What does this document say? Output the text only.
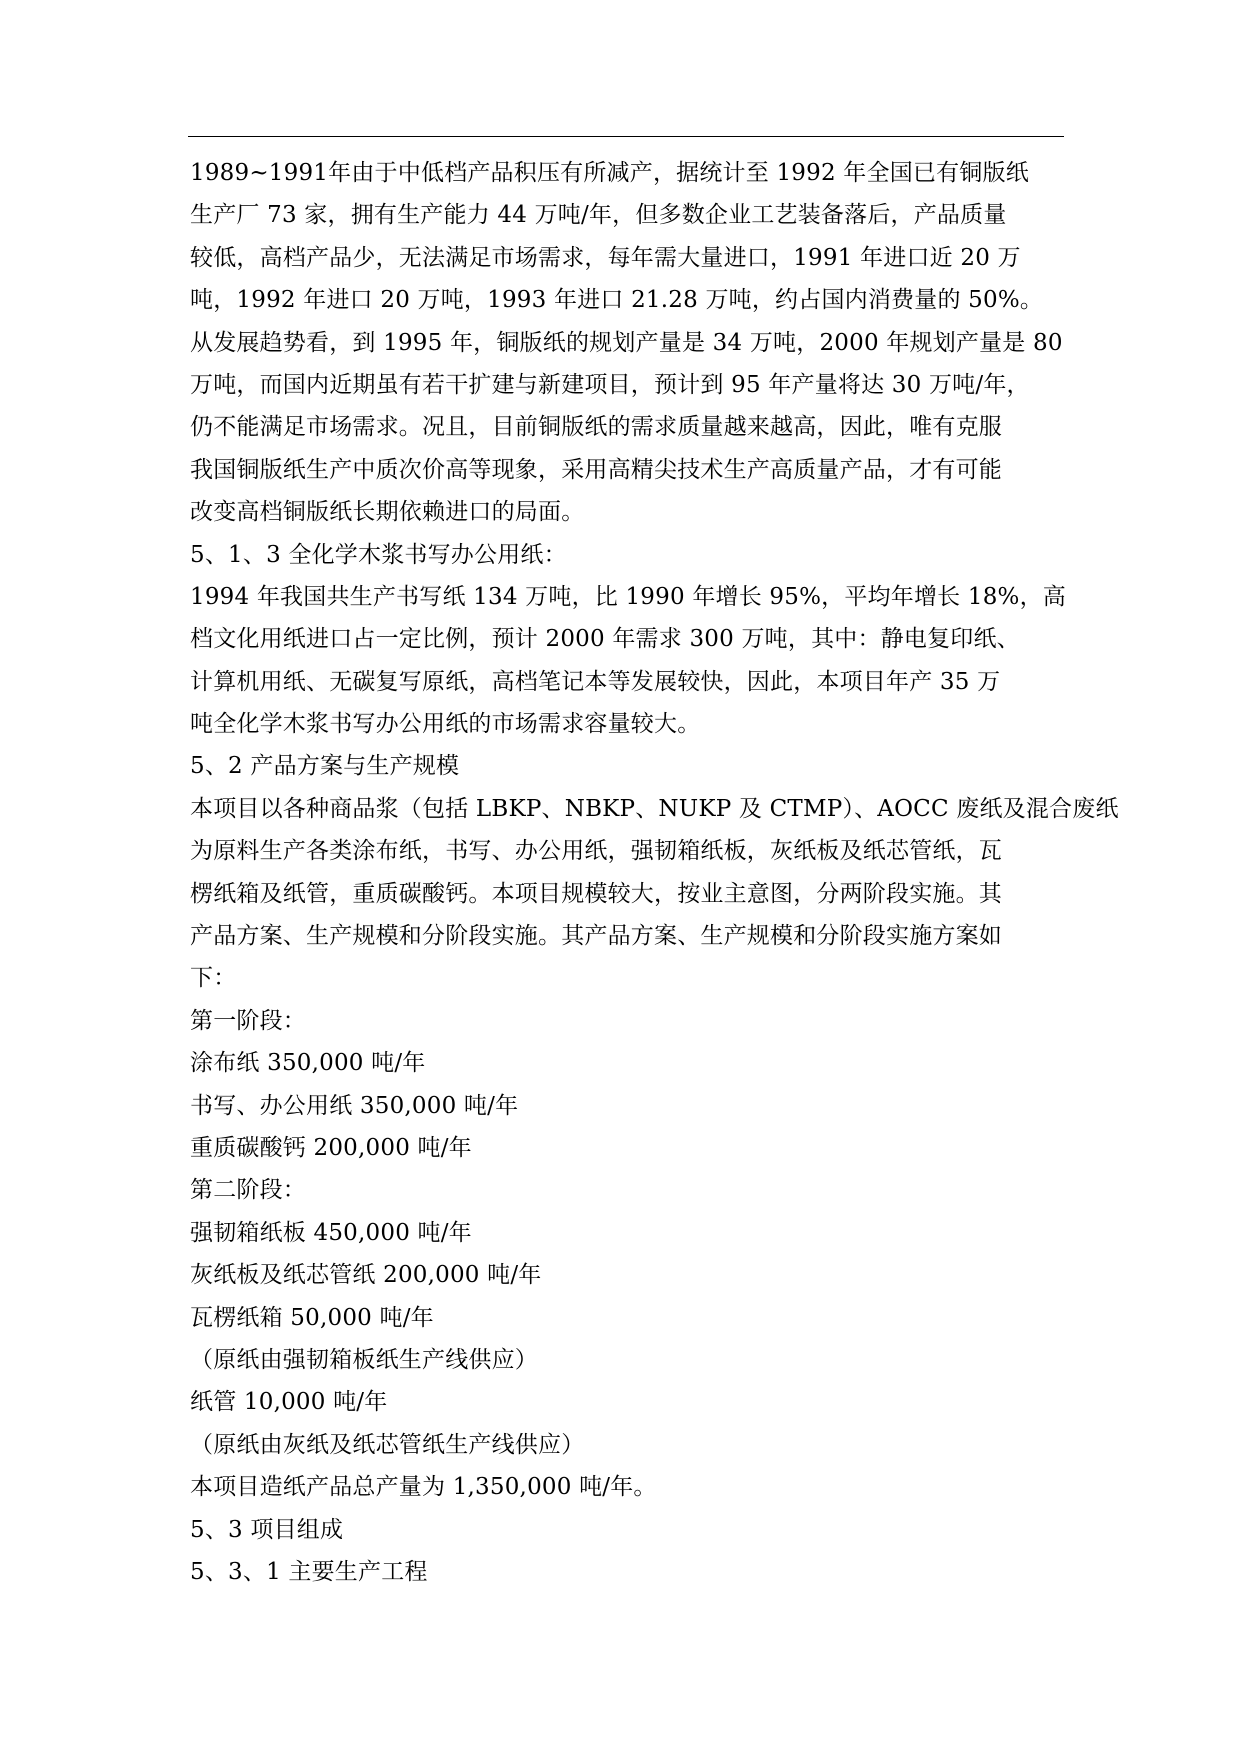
1989~1991年由于中低档产品积压有所减产，据统计至 1992 年全国已有铜版纸
生产厂 73 家，拥有生产能力 44 万吨/年，但多数企业工艺装备落后，产品质量
较低，高档产品少，无法满足市场需求，每年需大量进口，1991 年进口近 20 万
吨，1992 年进口 20 万吨，1993 年进口 21.28 万吨，约占国内消费量的 50%。
从发展趋势看，到 1995 年，铜版纸的规划产量是 34 万吨，2000 年规划产量是 80
万吨，而国内近期虽有若干扩建与新建项目，预计到 95 年产量将达 30 万吨/年，
仍不能满足市场需求。况且，目前铜版纸的需求质量越来越高，因此，唯有克服
我国铜版纸生产中质次价高等现象，采用高精尖技术生产高质量产品，才有可能
改变高档铜版纸长期依赖进口的局面。
5、1、3 全化学木浆书写办公用纸：
1994 年我国共生产书写纸 134 万吨，比 1990 年增长 95%，平均年增长 18%，高
档文化用纸进口占一定比例，预计 2000 年需求 300 万吨，其中：静电复印纸、
计算机用纸、无碳复写原纸，高档笔记本等发展较快，因此，本项目年产 35 万
吨全化学木浆书写办公用纸的市场需求容量较大。
5、2 产品方案与生产规模
本项目以各种商品浆（包括 LBKP、NBKP、NUKP 及 CTMP）、AOCC 废纸及混合废纸
为原料生产各类涂布纸，书写、办公用纸，强韧箱纸板，灰纸板及纸芯管纸，瓦
楞纸箱及纸管，重质碳酸钙。本项目规模较大，按业主意图，分两阶段实施。其
产品方案、生产规模和分阶段实施。其产品方案、生产规模和分阶段实施方案如
下：
第一阶段：
涂布纸 350,000 吨/年
书写、办公用纸 350,000 吨/年
重质碳酸钙 200,000 吨/年
第二阶段：
强韧箱纸板 450,000 吨/年
灰纸板及纸芯管纸 200,000 吨/年
瓦楞纸箱 50,000 吨/年
（原纸由强韧箱板纸生产线供应）
纸管 10,000 吨/年
（原纸由灰纸及纸芯管纸生产线供应）
本项目造纸产品总产量为 1,350,000 吨/年。
5、3 项目组成
5、3、1 主要生产工程
